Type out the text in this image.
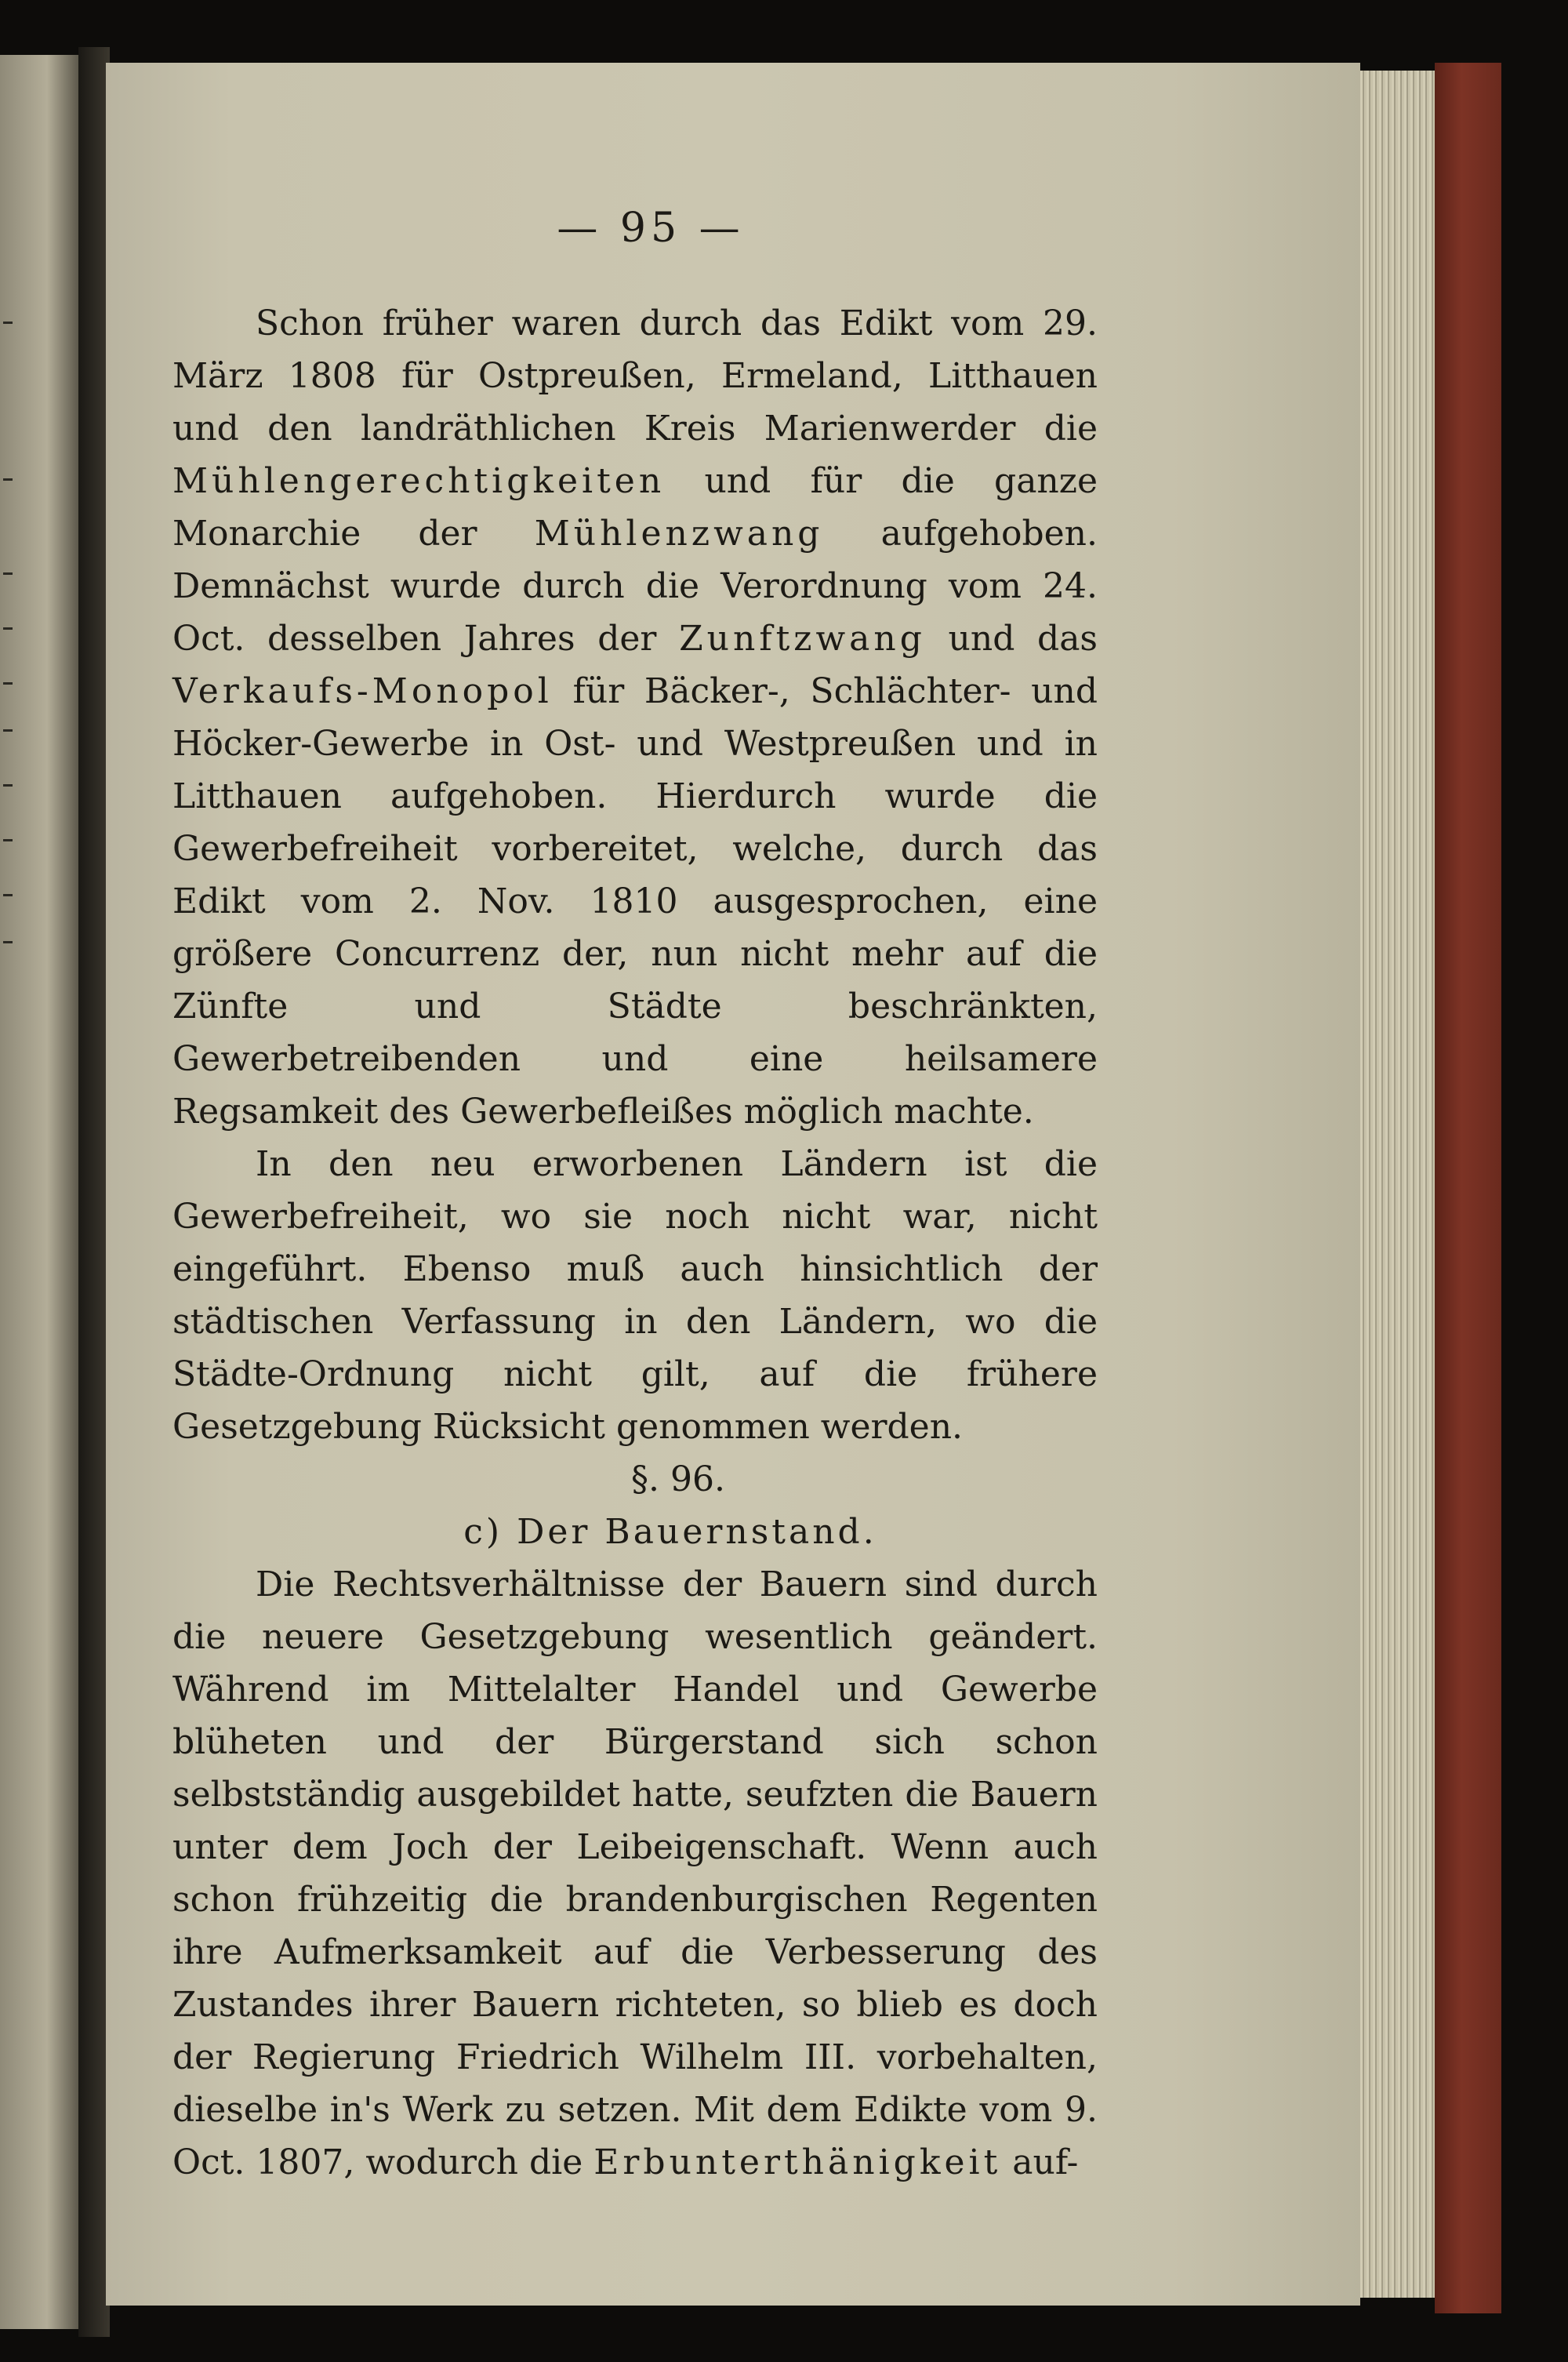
— 95 —

Schon früher waren durch das Edikt vom 29. März 1808 für Ostpreußen, Ermeland, Litthauen und den landräthlichen Kreis Marienwerder die Mühlengerechtigkeiten und für die ganze Monarchie der Mühlenzwang aufgehoben. Demnächst wurde durch die Verordnung vom 24. Oct. desselben Jahres der Zunftzwang und das Verkaufs-Monopol für Bäcker-, Schlächter- und Höcker-Gewerbe in Ost- und Westpreußen und in Litthauen aufgehoben. Hierdurch wurde die Gewerbefreiheit vorbereitet, welche, durch das Edikt vom 2. Nov. 1810 ausgesprochen, eine größere Concurrenz der, nun nicht mehr auf die Zünfte und Städte beschränkten, Gewerbetreibenden und eine heilsamere Regsamkeit des Gewerbefleißes möglich machte.

In den neu erworbenen Ländern ist die Gewerbefreiheit, wo sie noch nicht war, nicht eingeführt. Ebenso muß auch hinsichtlich der städtischen Verfassung in den Ländern, wo die Städte-Ordnung nicht gilt, auf die frühere Gesetzgebung Rücksicht genommen werden.

§. 96.

c) Der Bauernstand.

Die Rechtsverhältnisse der Bauern sind durch die neuere Gesetzgebung wesentlich geändert. Während im Mittelalter Handel und Gewerbe blüheten und der Bürgerstand sich schon selbstständig ausgebildet hatte, seufzten die Bauern unter dem Joch der Leibeigenschaft. Wenn auch schon frühzeitig die brandenburgischen Regenten ihre Aufmerksamkeit auf die Verbesserung des Zustandes ihrer Bauern richteten, so blieb es doch der Regierung Friedrich Wilhelm III. vorbehalten, dieselbe in's Werk zu setzen. Mit dem Edikte vom 9. Oct. 1807, wodurch die Erbunterthänigkeit auf-
